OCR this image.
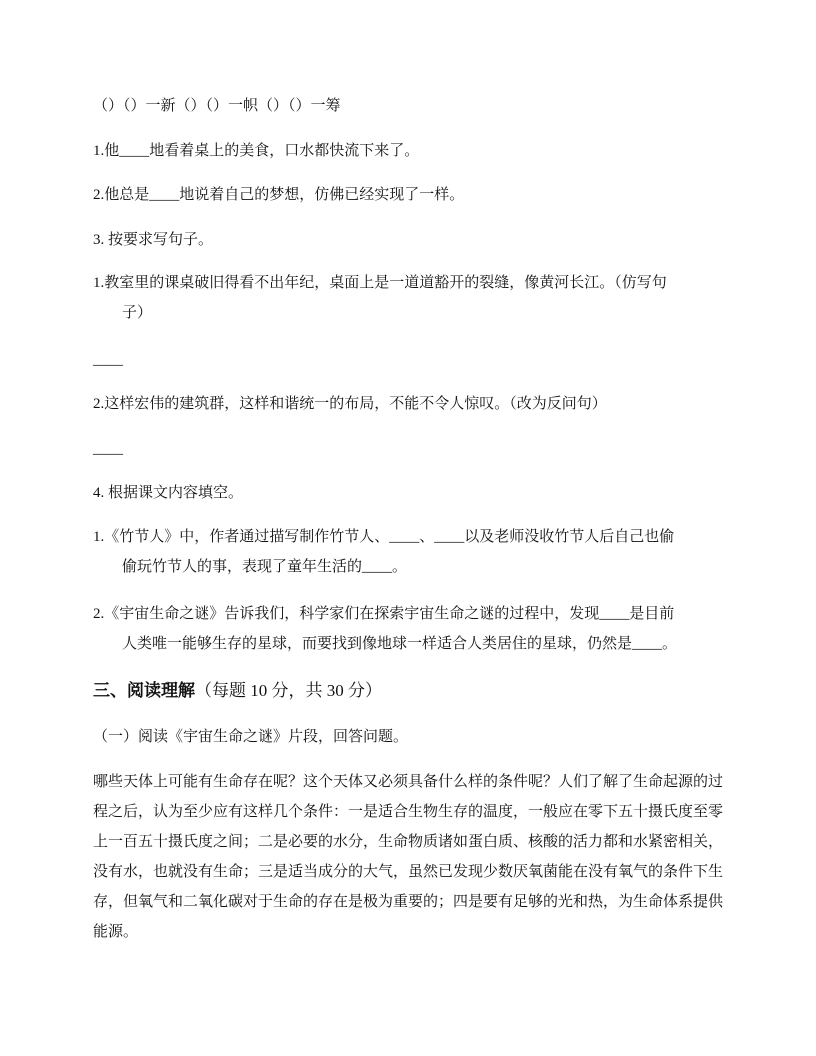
（）（）一新（）（）一帜（）（）一筹
1.他____地看着桌上的美食，口水都快流下来了。
2.他总是____地说着自己的梦想，仿佛已经实现了一样。
3. 按要求写句子。
1.教室里的课桌破旧得看不出年纪，桌面上是一道道豁开的裂缝，像黄河长江。（仿写句
子）
____
2.这样宏伟的建筑群，这样和谐统一的布局，不能不令人惊叹。（改为反问句）
____
4. 根据课文内容填空。
1.《竹节人》中，作者通过描写制作竹节人、____、____以及老师没收竹节人后自己也偷
偷玩竹节人的事，表现了童年生活的____。
2.《宇宙生命之谜》告诉我们，科学家们在探索宇宙生命之谜的过程中，发现____是目前
人类唯一能够生存的星球，而要找到像地球一样适合人类居住的星球，仍然是____。
三、阅读理解（每题 10 分，共 30 分）
（一）阅读《宇宙生命之谜》片段，回答问题。
哪些天体上可能有生命存在呢？这个天体又必须具备什么样的条件呢？人们了解了生命起源的过程之后，认为至少应有这样几个条件：一是适合生物生存的温度，一般应在零下五十摄氏度至零上一百五十摄氏度之间；二是必要的水分，生命物质诸如蛋白质、核酸的活力都和水紧密相关，没有水，也就没有生命；三是适当成分的大气，虽然已发现少数厌氧菌能在没有氧气的条件下生存，但氧气和二氧化碳对于生命的存在是极为重要的；四是要有足够的光和热，为生命体系提供能源。
